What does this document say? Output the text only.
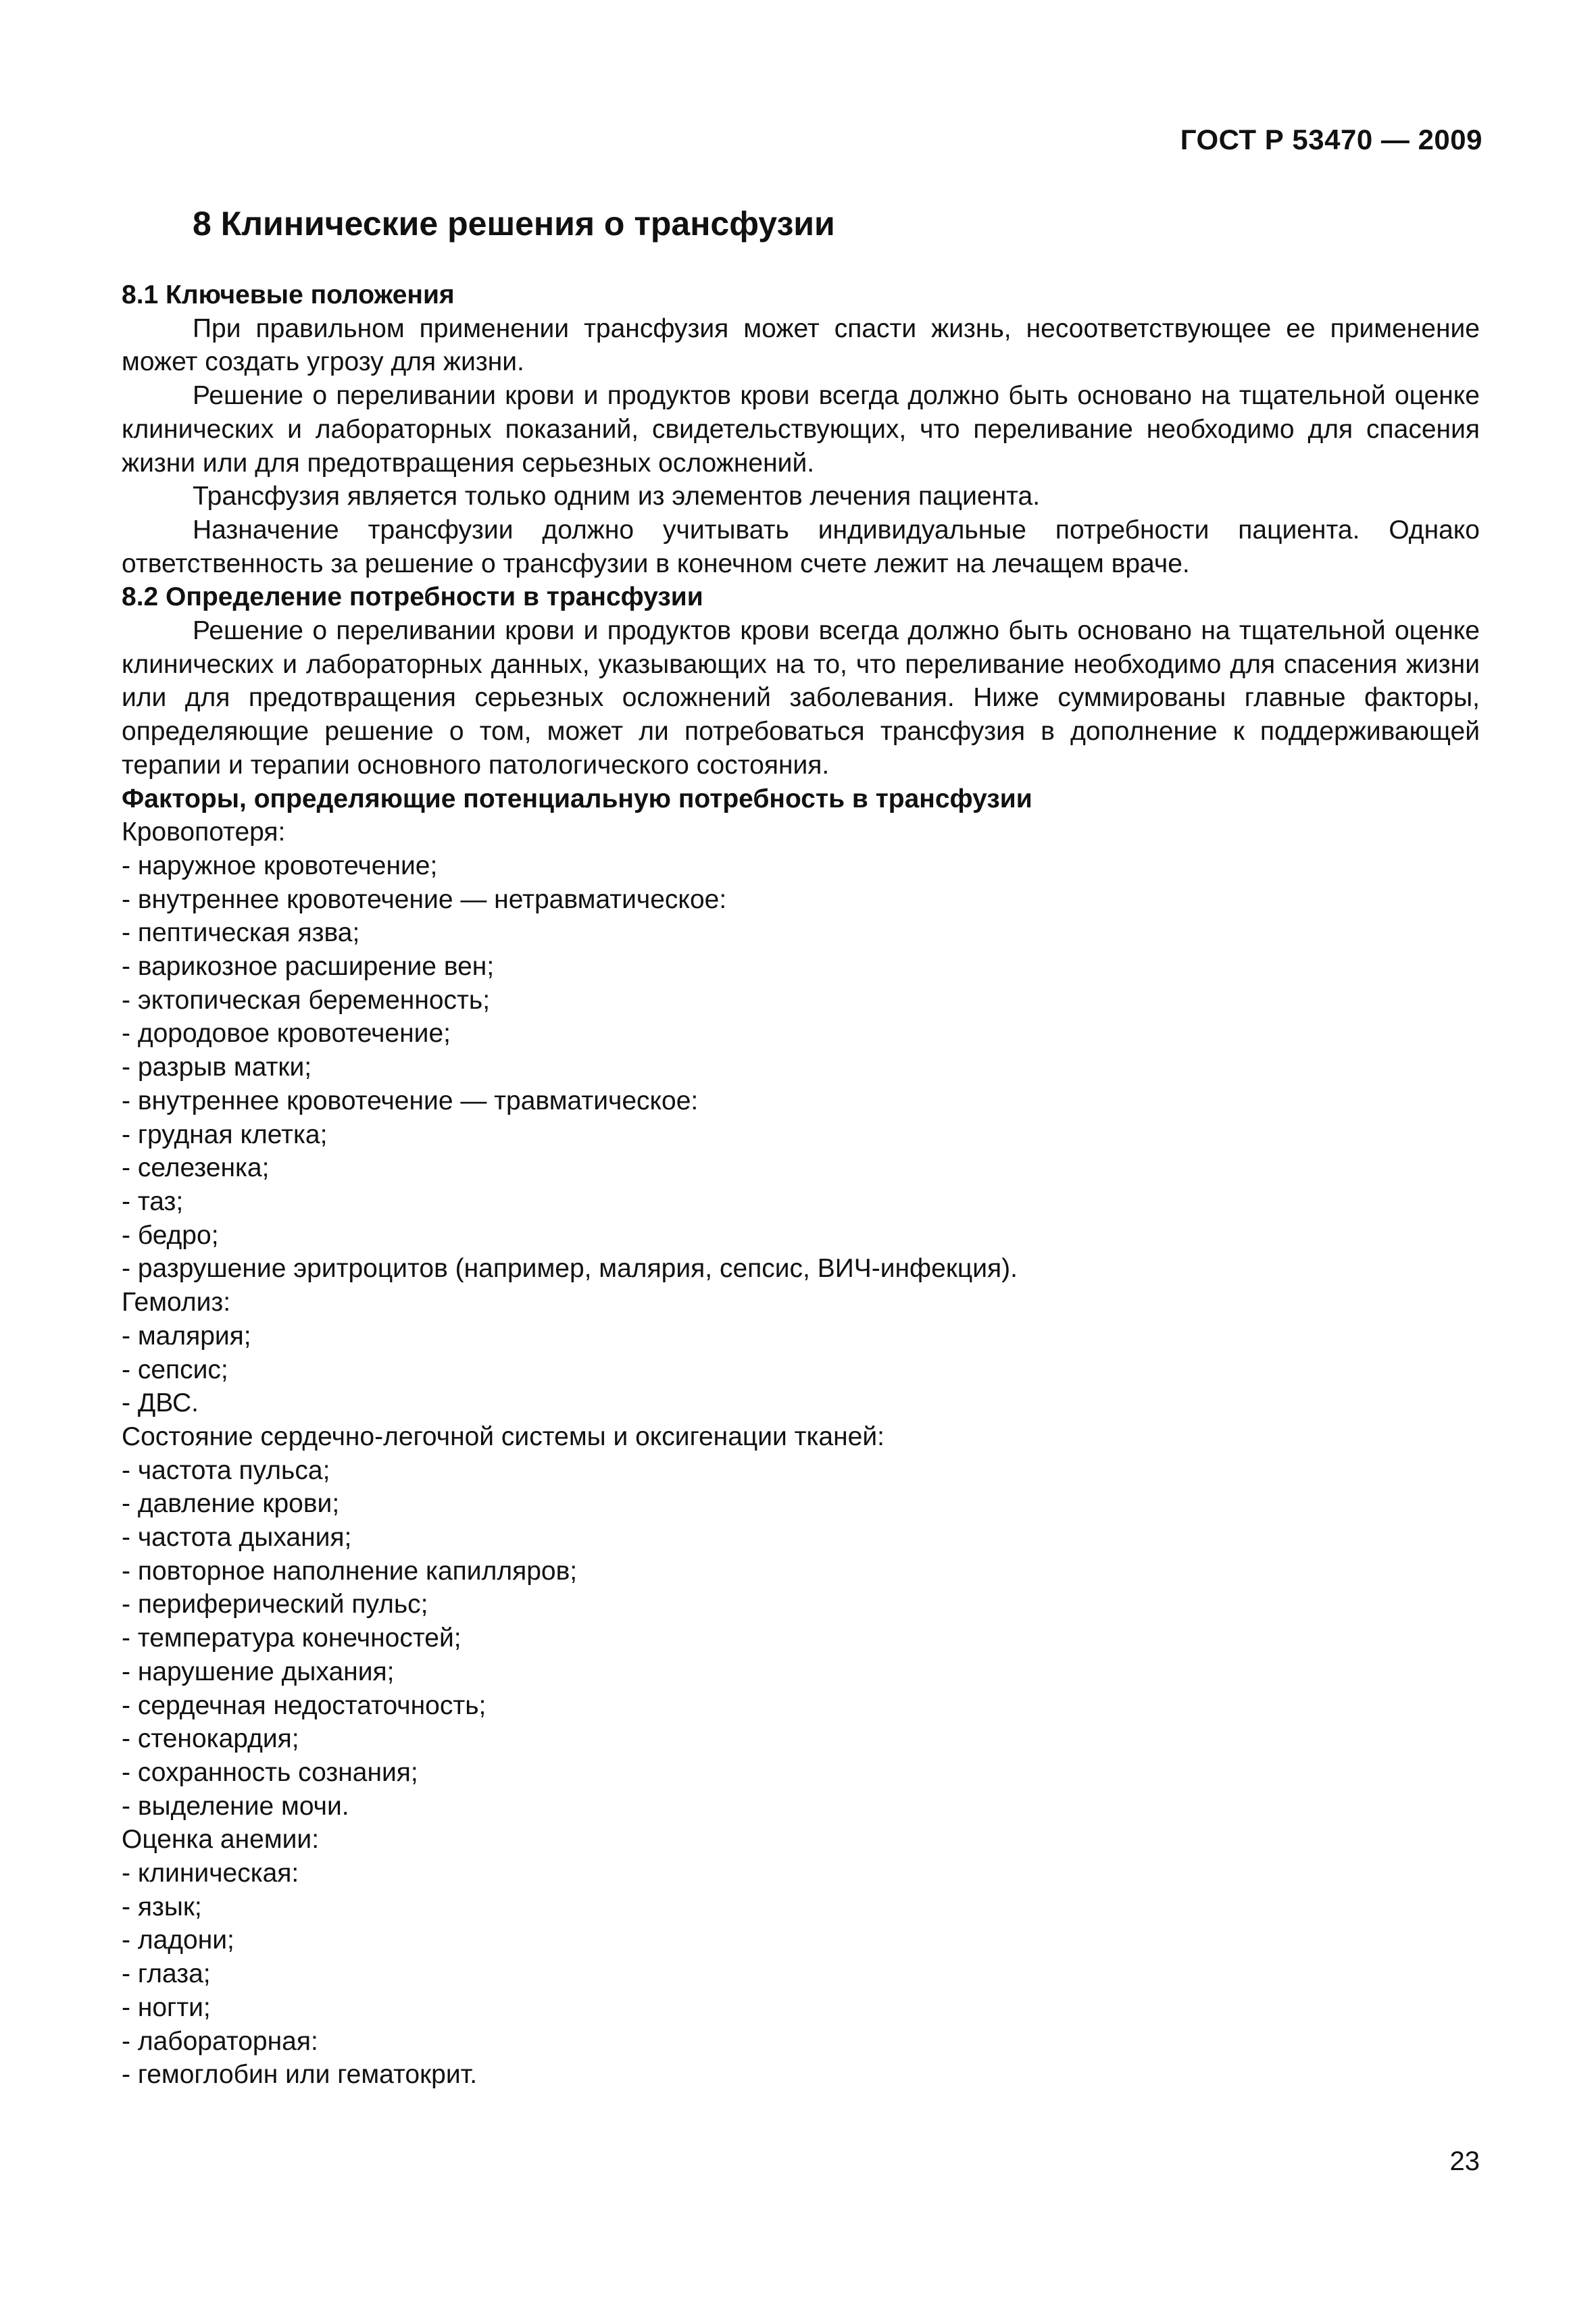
ГОСТ Р 53470 — 2009
8 Клинические решения о трансфузии
8.1 Ключевые положения

При правильном применении трансфузия может спасти жизнь, несоответствующее ее применение может создать угрозу для жизни.

Решение о переливании крови и продуктов крови всегда должно быть основано на тщательной оценке клинических и лабораторных показаний, свидетельствующих, что переливание необходимо для спасения жизни или для предотвращения серьезных осложнений.

Трансфузия является только одним из элементов лечения пациента.

Назначение трансфузии должно учитывать индивидуальные потребности пациента. Однако ответственность за решение о трансфузии в конечном счете лежит на лечащем враче.

8.2 Определение потребности в трансфузии

Решение о переливании крови и продуктов крови всегда должно быть основано на тщательной оценке клинических и лабораторных данных, указывающих на то, что переливание необходимо для спасения жизни или для предотвращения серьезных осложнений заболевания. Ниже суммированы главные факторы, определяющие решение о том, может ли потребоваться трансфузия в дополнение к поддерживающей терапии и терапии основного патологического состояния.

Факторы, определяющие потенциальную потребность в трансфузии
Кровопотеря:
- наружное кровотечение;
- внутреннее кровотечение — нетравматическое:
- пептическая язва;
- варикозное расширение вен;
- эктопическая беременность;
- дородовое кровотечение;
- разрыв матки;
- внутреннее кровотечение — травматическое:
- грудная клетка;
- селезенка;
- таз;
- бедро;
- разрушение эритроцитов (например, малярия, сепсис, ВИЧ-инфекция).
Гемолиз:
- малярия;
- сепсис;
- ДВС.
Состояние сердечно-легочной системы и оксигенации тканей:
- частота пульса;
- давление крови;
- частота дыхания;
- повторное наполнение капилляров;
- периферический пульс;
- температура конечностей;
- нарушение дыхания;
- сердечная недостаточность;
- стенокардия;
- сохранность сознания;
- выделение мочи.
Оценка анемии:
- клиническая:
- язык;
- ладони;
- глаза;
- ногти;
- лабораторная:
- гемоглобин или гематокрит.
23
